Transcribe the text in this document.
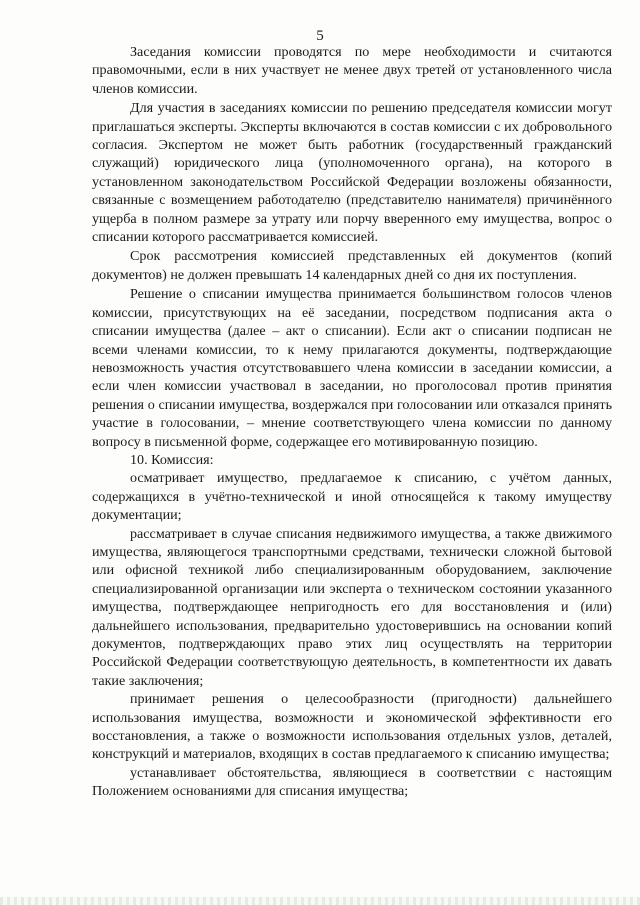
5

Заседания комиссии проводятся по мере необходимости и считаются правомочными, если в них участвует не менее двух третей от установленного числа членов комиссии.

Для участия в заседаниях комиссии по решению председателя комиссии могут приглашаться эксперты. Эксперты включаются в состав комиссии с их добровольного согласия. Экспертом не может быть работник (государственный гражданский служащий) юридического лица (уполномоченного органа), на которого в установленном законодательством Российской Федерации возложены обязанности, связанные с возмещением работодателю (представителю нанимателя) причинённого ущерба в полном размере за утрату или порчу вверенного ему имущества, вопрос о списании которого рассматривается комиссией.

Срок рассмотрения комиссией представленных ей документов (копий документов) не должен превышать 14 календарных дней со дня их поступления.

Решение о списании имущества принимается большинством голосов членов комиссии, присутствующих на её заседании, посредством подписания акта о списании имущества (далее – акт о списании). Если акт о списании подписан не всеми членами комиссии, то к нему прилагаются документы, подтверждающие невозможность участия отсутствовавшего члена комиссии в заседании комиссии, а если член комиссии участвовал в заседании, но проголосовал против принятия решения о списании имущества, воздержался при голосовании или отказался принять участие в голосовании, – мнение соответствующего члена комиссии по данному вопросу в письменной форме, содержащее его мотивированную позицию.

10. Комиссия:

осматривает имущество, предлагаемое к списанию, с учётом данных, содержащихся в учётно-технической и иной относящейся к такому имуществу документации;

рассматривает в случае списания недвижимого имущества, а также движимого имущества, являющегося транспортными средствами, технически сложной бытовой или офисной техникой либо специализированным оборудованием, заключение специализированной организации или эксперта о техническом состоянии указанного имущества, подтверждающее непригодность его для восстановления и (или) дальнейшего использования, предварительно удостоверившись на основании копий документов, подтверждающих право этих лиц осуществлять на территории Российской Федерации соответствующую деятельность, в компетентности их давать такие заключения;

принимает решения о целесообразности (пригодности) дальнейшего использования имущества, возможности и экономической эффективности его восстановления, а также о возможности использования отдельных узлов, деталей, конструкций и материалов, входящих в состав предлагаемого к списанию имущества;

устанавливает обстоятельства, являющиеся в соответствии с настоящим Положением основаниями для списания имущества;
